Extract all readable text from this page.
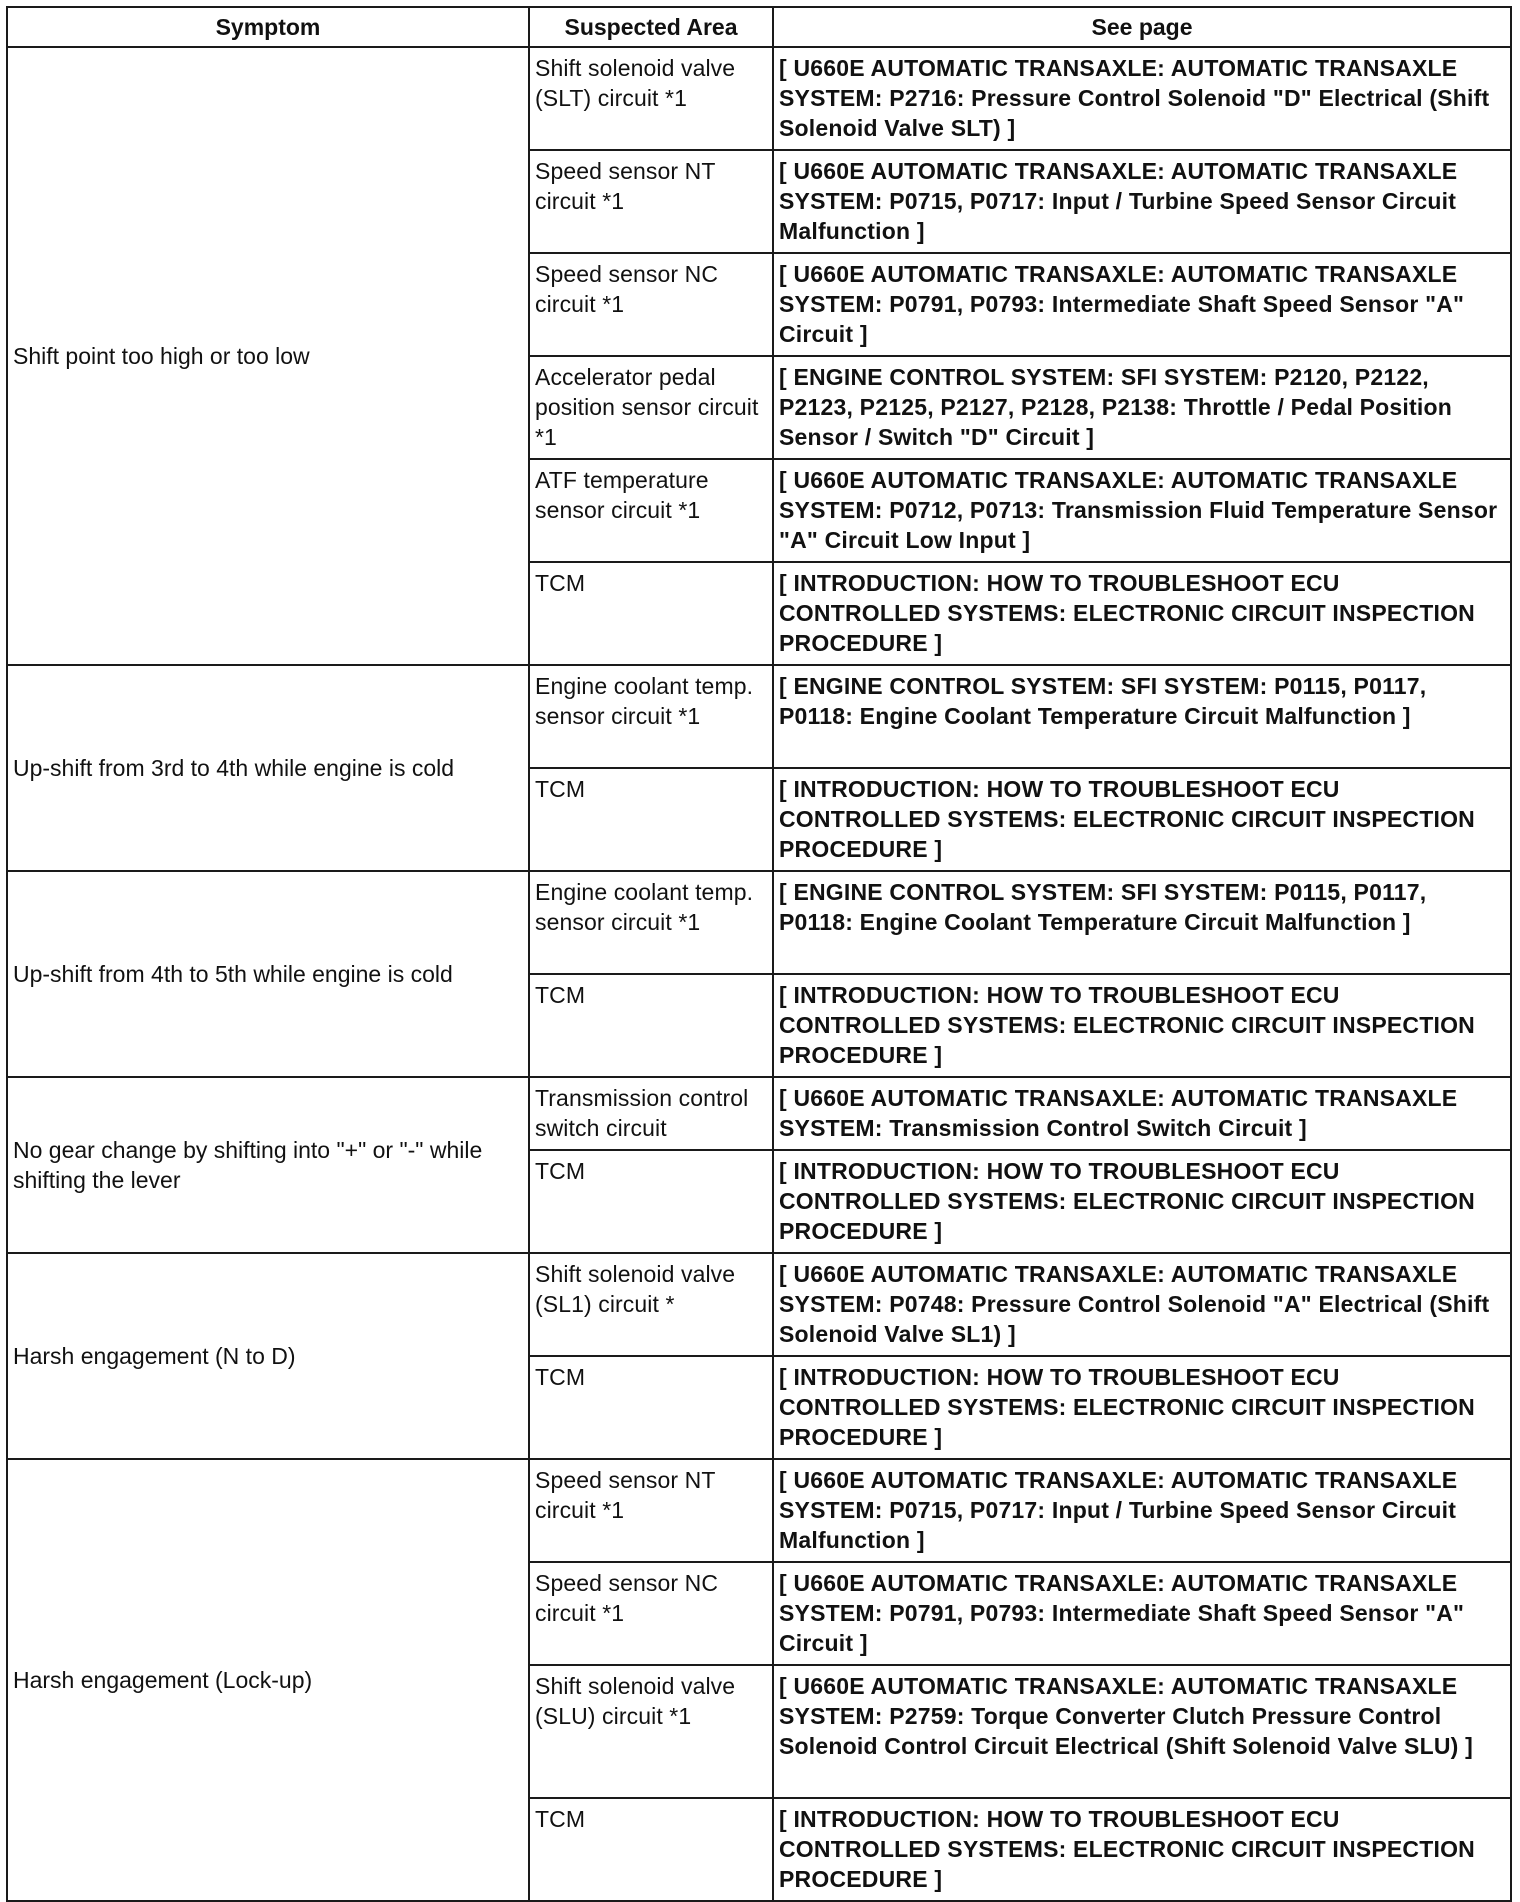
Symptom	Suspected Area	See page
Shift point too high or too low	Shift solenoid valve (SLT) circuit *1	[ U660E AUTOMATIC TRANSAXLE: AUTOMATIC TRANSAXLE SYSTEM: P2716: Pressure Control Solenoid "D" Electrical (Shift Solenoid Valve SLT) ]
	Speed sensor NT circuit *1	[ U660E AUTOMATIC TRANSAXLE: AUTOMATIC TRANSAXLE SYSTEM: P0715, P0717: Input / Turbine Speed Sensor Circuit Malfunction ]
	Speed sensor NC circuit *1	[ U660E AUTOMATIC TRANSAXLE: AUTOMATIC TRANSAXLE SYSTEM: P0791, P0793: Intermediate Shaft Speed Sensor "A" Circuit ]
	Accelerator pedal position sensor circuit *1	[ ENGINE CONTROL SYSTEM: SFI SYSTEM: P2120, P2122, P2123, P2125, P2127, P2128, P2138: Throttle / Pedal Position Sensor / Switch "D" Circuit ]
	ATF temperature sensor circuit *1	[ U660E AUTOMATIC TRANSAXLE: AUTOMATIC TRANSAXLE SYSTEM: P0712, P0713: Transmission Fluid Temperature Sensor "A" Circuit Low Input ]
	TCM	[ INTRODUCTION: HOW TO TROUBLESHOOT ECU CONTROLLED SYSTEMS: ELECTRONIC CIRCUIT INSPECTION PROCEDURE ]
Up-shift from 3rd to 4th while engine is cold	Engine coolant temp. sensor circuit *1	[ ENGINE CONTROL SYSTEM: SFI SYSTEM: P0115, P0117, P0118: Engine Coolant Temperature Circuit Malfunction ]
	TCM	[ INTRODUCTION: HOW TO TROUBLESHOOT ECU CONTROLLED SYSTEMS: ELECTRONIC CIRCUIT INSPECTION PROCEDURE ]
Up-shift from 4th to 5th while engine is cold	Engine coolant temp. sensor circuit *1	[ ENGINE CONTROL SYSTEM: SFI SYSTEM: P0115, P0117, P0118: Engine Coolant Temperature Circuit Malfunction ]
	TCM	[ INTRODUCTION: HOW TO TROUBLESHOOT ECU CONTROLLED SYSTEMS: ELECTRONIC CIRCUIT INSPECTION PROCEDURE ]
No gear change by shifting into "+" or "-" while shifting the lever	Transmission control switch circuit	[ U660E AUTOMATIC TRANSAXLE: AUTOMATIC TRANSAXLE SYSTEM: Transmission Control Switch Circuit ]
	TCM	[ INTRODUCTION: HOW TO TROUBLESHOOT ECU CONTROLLED SYSTEMS: ELECTRONIC CIRCUIT INSPECTION PROCEDURE ]
Harsh engagement (N to D)	Shift solenoid valve (SL1) circuit *	[ U660E AUTOMATIC TRANSAXLE: AUTOMATIC TRANSAXLE SYSTEM: P0748: Pressure Control Solenoid "A" Electrical (Shift Solenoid Valve SL1) ]
	TCM	[ INTRODUCTION: HOW TO TROUBLESHOOT ECU CONTROLLED SYSTEMS: ELECTRONIC CIRCUIT INSPECTION PROCEDURE ]
Harsh engagement (Lock-up)	Speed sensor NT circuit *1	[ U660E AUTOMATIC TRANSAXLE: AUTOMATIC TRANSAXLE SYSTEM: P0715, P0717: Input / Turbine Speed Sensor Circuit Malfunction ]
	Speed sensor NC circuit *1	[ U660E AUTOMATIC TRANSAXLE: AUTOMATIC TRANSAXLE SYSTEM: P0791, P0793: Intermediate Shaft Speed Sensor "A" Circuit ]
	Shift solenoid valve (SLU) circuit *1	[ U660E AUTOMATIC TRANSAXLE: AUTOMATIC TRANSAXLE SYSTEM: P2759: Torque Converter Clutch Pressure Control Solenoid Control Circuit Electrical (Shift Solenoid Valve SLU) ]
	TCM	[ INTRODUCTION: HOW TO TROUBLESHOOT ECU CONTROLLED SYSTEMS: ELECTRONIC CIRCUIT INSPECTION PROCEDURE ]
